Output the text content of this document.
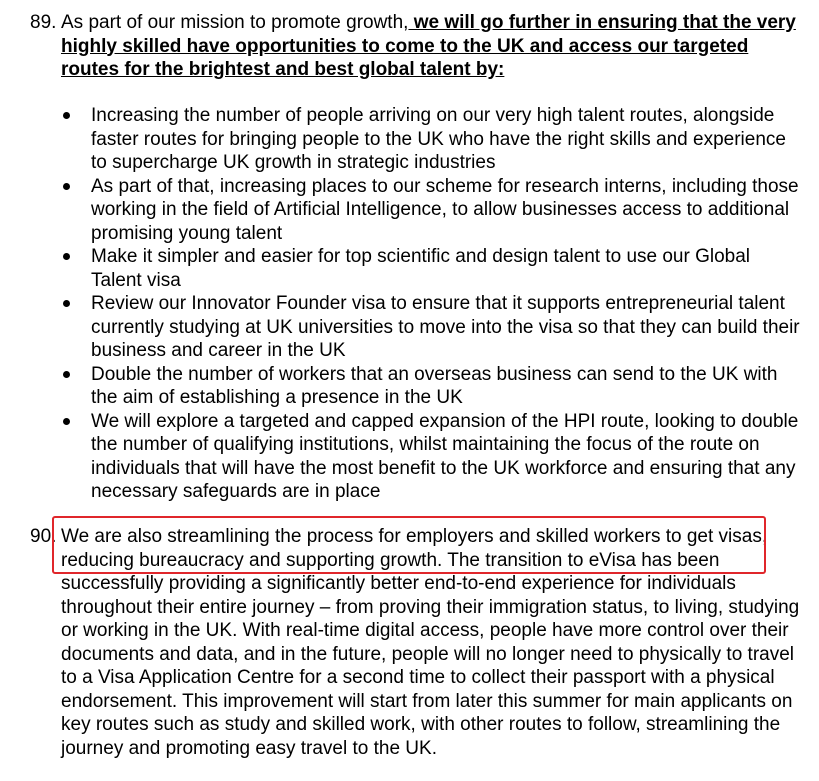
89. As part of our mission to promote growth, we will go further in ensuring that the very highly skilled have opportunities to come to the UK and access our targeted routes for the brightest and best global talent by:
Increasing the number of people arriving on our very high talent routes, alongside faster routes for bringing people to the UK who have the right skills and experience to supercharge UK growth in strategic industries
As part of that, increasing places to our scheme for research interns, including those working in the field of Artificial Intelligence, to allow businesses access to additional promising young talent
Make it simpler and easier for top scientific and design talent to use our Global Talent visa
Review our Innovator Founder visa to ensure that it supports entrepreneurial talent currently studying at UK universities to move into the visa so that they can build their business and career in the UK
Double the number of workers that an overseas business can send to the UK with the aim of establishing a presence in the UK
We will explore a targeted and capped expansion of the HPI route, looking to double the number of qualifying institutions, whilst maintaining the focus of the route on individuals that will have the most benefit to the UK workforce and ensuring that any necessary safeguards are in place
90. We are also streamlining the process for employers and skilled workers to get visas, reducing bureaucracy and supporting growth. The transition to eVisa has been successfully providing a significantly better end-to-end experience for individuals throughout their entire journey – from proving their immigration status, to living, studying or working in the UK. With real-time digital access, people have more control over their documents and data, and in the future, people will no longer need to physically to travel to a Visa Application Centre for a second time to collect their passport with a physical endorsement. This improvement will start from later this summer for main applicants on key routes such as study and skilled work, with other routes to follow, streamlining the journey and promoting easy travel to the UK.
